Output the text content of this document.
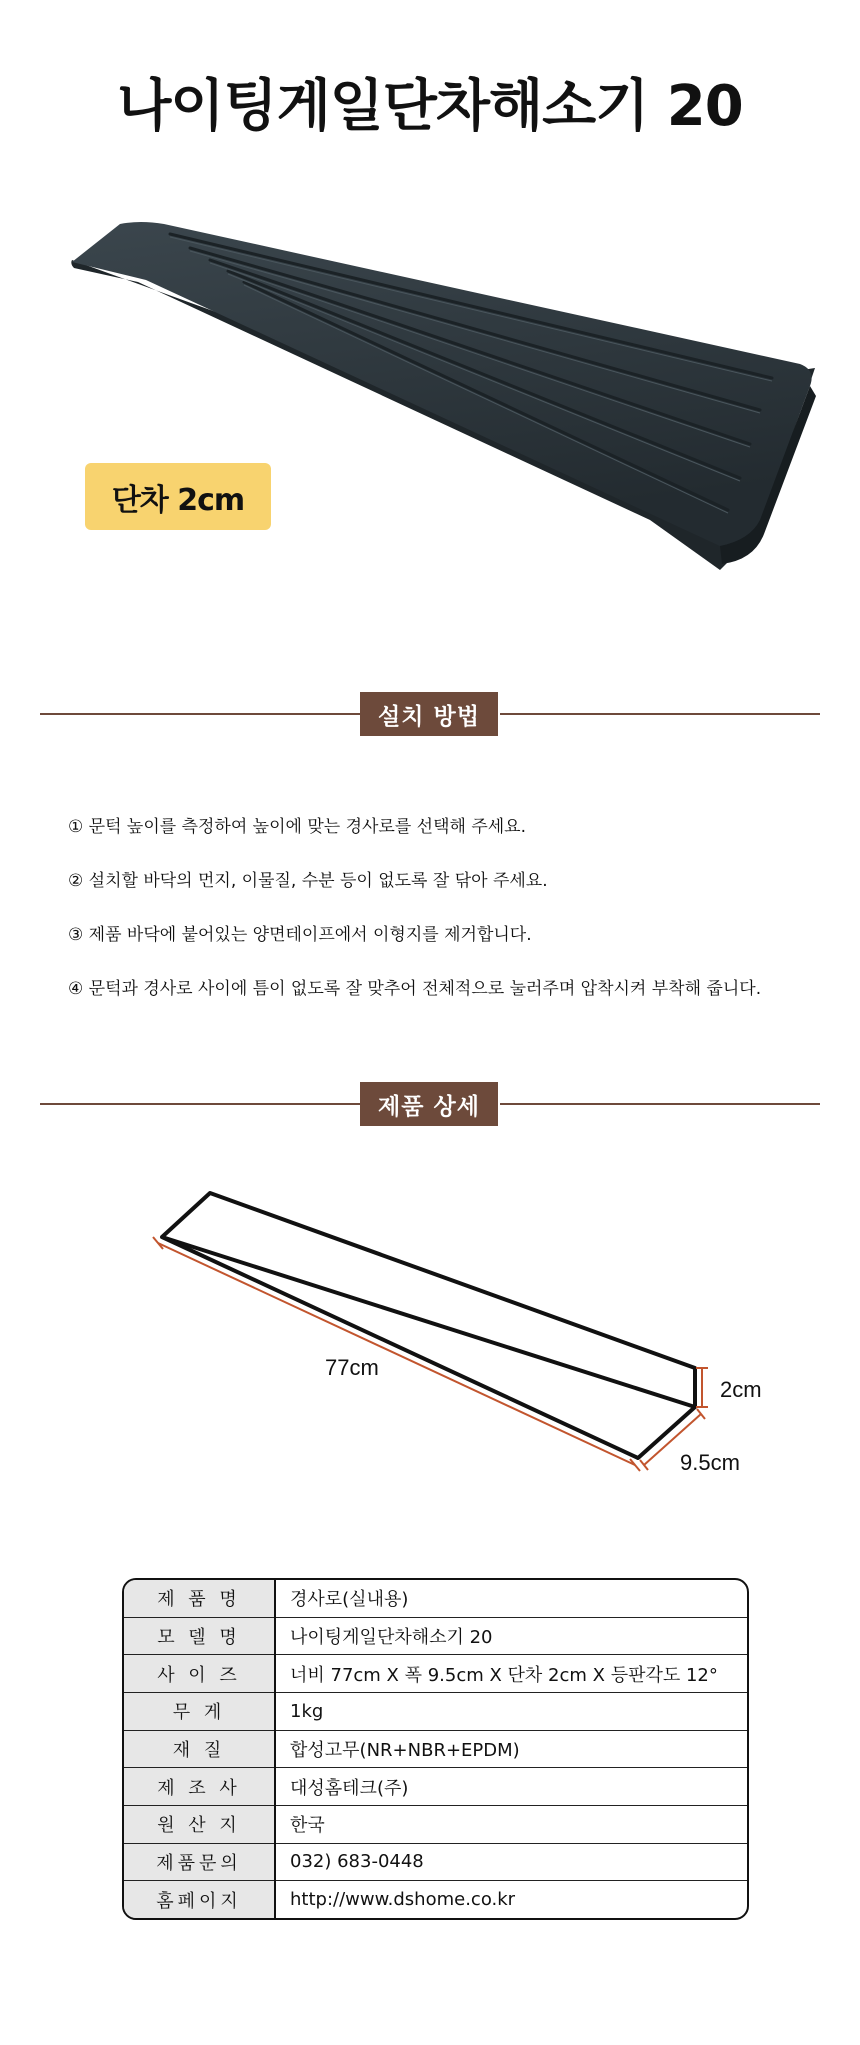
나이팅게일단차해소기 20
단차 2cm
설치 방법
① 문턱 높이를 측정하여 높이에 맞는 경사로를 선택해 주세요.
② 설치할 바닥의 먼지, 이물질, 수분 등이 없도록 잘 닦아 주세요.
③ 제품 바닥에 붙어있는 양면테이프에서 이형지를 제거합니다.
④ 문턱과 경사로 사이에 틈이 없도록 잘 맞추어 전체적으로 눌러주며 압착시켜 부착해 줍니다.
제품 상세
77cm
2cm
9.5cm
제 품 명	경사로(실내용)
모 델 명	나이팅게일단차해소기 20
사 이 즈	너비 77cm X 폭 9.5cm X 단차 2cm X 등판각도 12°
무 게	1kg
재 질	합성고무(NR+NBR+EPDM)
제 조 사	대성홈테크(주)
원 산 지	한국
제품문의	032) 683-0448
홈페이지	http://www.dshome.co.kr
